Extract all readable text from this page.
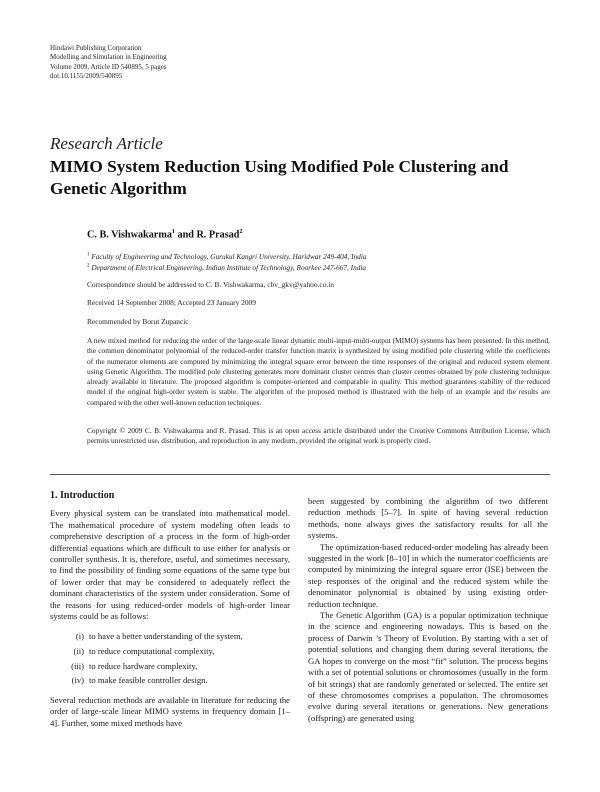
Hindawi Publishing Corporation
Modelling and Simulation in Engineering
Volume 2009, Article ID 540895, 5 pages
doi:10.1155/2009/540895
Research Article
MIMO System Reduction Using Modified Pole Clustering and Genetic Algorithm
C. B. Vishwakarma$^1$ and R. Prasad$^2$
$^1$ Faculty of Engineering and Technology, Gurukul Kangri University, Haridwar 249-404, India
$^2$ Department of Electrical Engineering, Indian Institute of Technology, Roorkee 247-667, India
Correspondence should be addressed to C. B. Vishwakarma, cbv_gkv@yahoo.co.in
Received 14 September 2008; Accepted 23 January 2009
Recommended by Borut Zupancic
A new mixed method for reducing the order of the large-scale linear dynamic multi-input-multi-output (MIMO) systems has been presented. In this method, the common denominator polynomial of the reduced-order transfer function matrix is synthesized by using modified pole clustering while the coefficients of the numerator elements are computed by minimizing the integral square error between the time responses of the original and reduced system element using Genetic Algorithm. The modified pole clustering generates more dominant cluster centres than cluster centres obtained by pole clustering technique already available in literature. The proposed algorithm is computer-oriented and comparable in quality. This method guarantees stability of the reduced model if the original high-order system is stable. The algorithm of the proposed method is illustrated with the help of an example and the results are compared with the other well-known reduction techniques.
Copyright © 2009 C. B. Vishwakarma and R. Prasad. This is an open access article distributed under the Creative Commons Attribution License, which permits unrestricted use, distribution, and reproduction in any medium, provided the original work is properly cited.

1. Introduction

Every physical system can be translated into mathematical model. The mathematical procedure of system modeling often leads to comprehensive description of a process in the form of high-order differential equations which are difficult to use either for analysis or controller synthesis. It is, therefore, useful, and sometimes necessary, to find the possibility of finding some equations of the same type but of lower order that may be considered to adequately reflect the dominant characteristics of the system under consideration. Some of the reasons for using reduced-order models of high-order linear systems could be as follows:

(i) to have a better understanding of the system,
(ii) to reduce computational complexity,
(iii) to reduce hardware complexity,
(iv) to make feasible controller design.

Several reduction methods are available in literature for reducing the order of large-scale linear MIMO systems in frequency domain [1–4]. Further, some mixed methods have

been suggested by combining the algorithm of two different reduction methods [5–7]. In spite of having several reduction methods, none always gives the satisfactory results for all the systems.

The optimization-based reduced-order modeling has already been suggested in the work [8–10] in which the numerator coefficients are computed by minimizing the integral square error (ISE) between the step responses of the original and the reduced system while the denominator polynomial is obtained by using existing order-reduction technique.

The Genetic Algorithm (GA) is a popular optimization technique in the science and engineering nowadays. This is based on the process of Darwin ’s Theory of Evolution. By starting with a set of potential solutions and changing them during several iterations, the GA hopes to converge on the most “fit” solution. The process begins with a set of potential solutions or chromosomes (usually in the form of bit strings) that are randomly generated or selected. The entire set of these chromosomes comprises a population. The chromosomes evolve during several iterations or generations. New generations (offspring) are generated using
